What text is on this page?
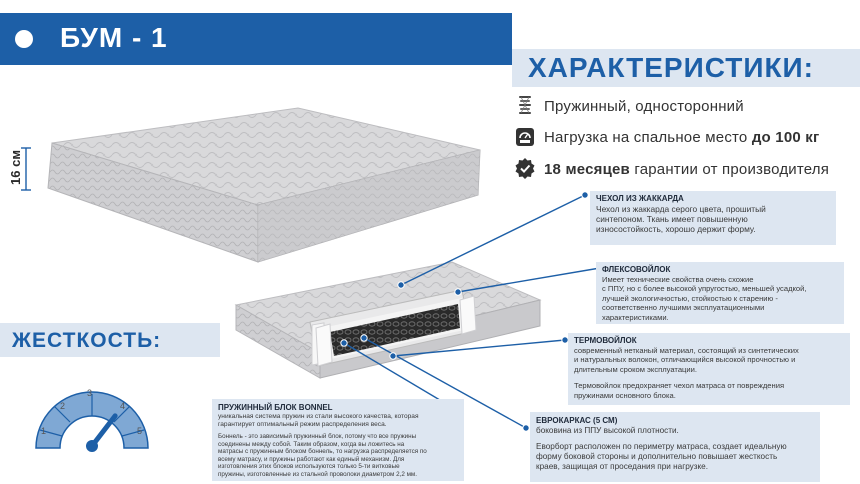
БУМ - 1
ХАРАКТЕРИСТИКИ:
Пружинный, односторонний
Нагрузка на спальное место до 100 кг
18 месяцев гарантии от производителя
16 см
ЖЕСТКОСТЬ:
1
2
3
4
5
ЧЕХОЛ ИЗ ЖАККАРДА
Чехол из жаккарда серого цвета, прошитый
синтепоном. Ткань имеет повышенную
износостойкость, хорошо держит форму.
ФЛЕКСОВОЙЛОК
Имеет технические свойства очень схожие
с ППУ, но с более высокой упругостью, меньшей усадкой,
лучшей экологичностью, стойкостью к старению -
соответственно лучшими эксплуатационными
характеристиками.
ТЕРМОВОЙЛОК
современный нетканый материал, состоящий из синтетических
и натуральных волокон, отличающийся высокой прочностью и
длительным сроком эксплуатации.
Термовойлок предохраняет чехол матраса от повреждения
пружинами основного блока.
ПРУЖИННЫЙ БЛОК BONNEL
уникальная система пружин из стали высокого качества, которая
гарантирует оптимальный режим распределения веса.
Боннель - это зависимый пружинный блок, потому что все пружины
соединены между собой. Таким образом, когда вы ложитесь на
матрасы с пружинным блоком боннель, то нагрузка распределяется по
всему матрасу, и пружины работают как единый механизм. Для
изготовления этих блоков используются только 5-ти витковые
пружины, изготовленные из стальной проволоки диаметром 2,2 мм.
ЕВРОКАРКАС (5 СМ)
боковина из ППУ высокой плотности.
Еворборт расположен по периметру матраса, создает идеальную
форму боковой стороны и дополнительно повышает жесткость
краев, защищая от проседания при нагрузке.
